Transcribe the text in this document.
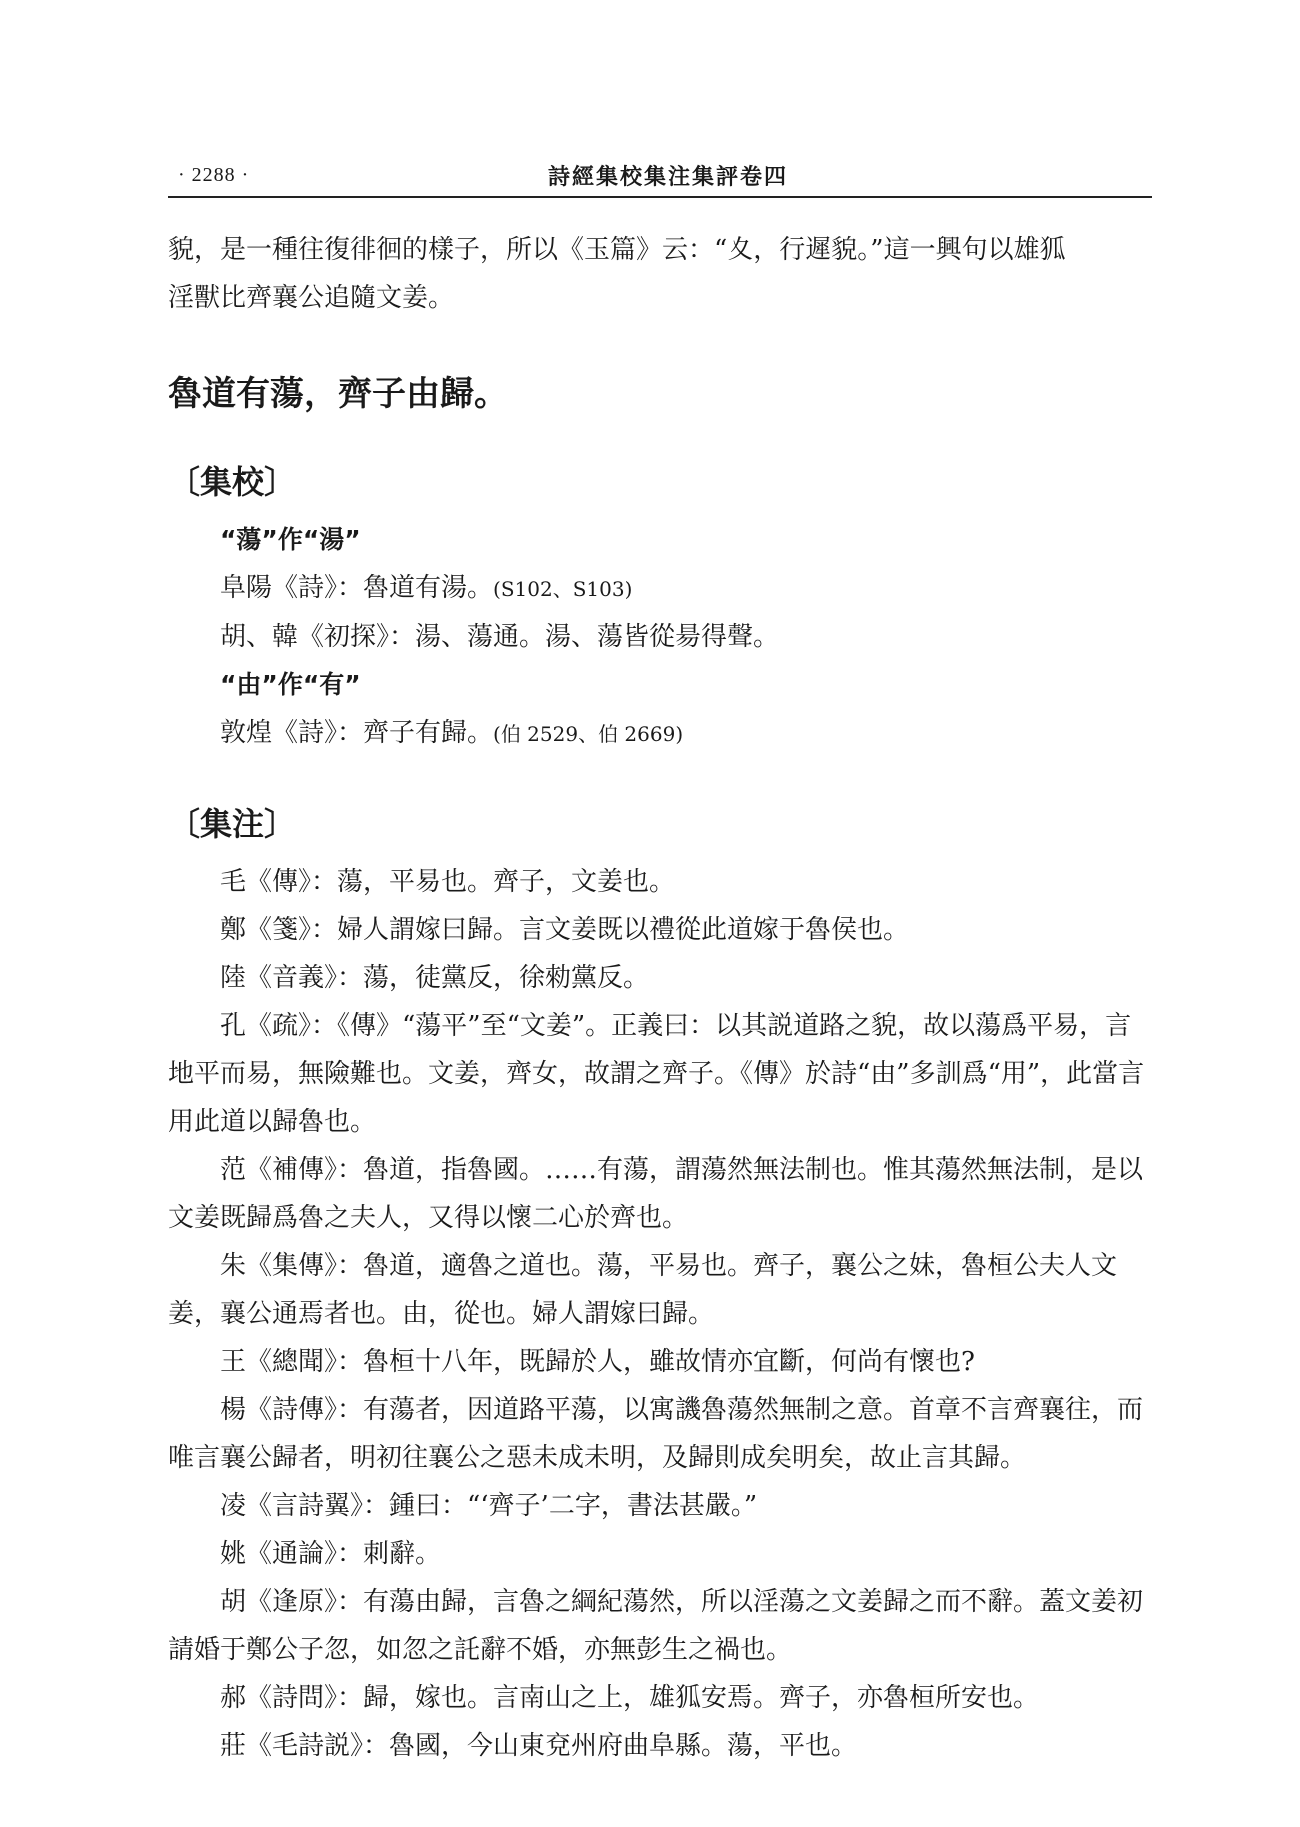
· 2288 ·	詩經集校集注集評卷四

貌，是一種往復徘徊的樣子，所以《玉篇》云：“夊，行遲貌。”這一興句以雄狐

淫獸比齊襄公追隨文姜。

魯道有蕩，齊子由歸。
〔集校〕
“蕩”作“湯”
阜陽《詩》：魯道有湯。(S102、S103)
胡、韓《初探》：湯、蕩通。湯、蕩皆從昜得聲。
“由”作“有”
敦煌《詩》：齊子有歸。(伯 2529、伯 2669)
〔集注〕

毛《傳》：蕩，平易也。齊子，文姜也。

鄭《箋》：婦人謂嫁曰歸。言文姜既以禮從此道嫁于魯侯也。

陸《音義》：蕩，徒黨反，徐勑黨反。

孔《疏》：《傳》“蕩平”至“文姜”。正義曰：以其説道路之貌，故以蕩爲平易，言地平而易，無險難也。文姜，齊女，故謂之齊子。《傳》於詩“由”多訓爲“用”，此當言用此道以歸魯也。

范《補傳》：魯道，指魯國。……有蕩，謂蕩然無法制也。惟其蕩然無法制，是以文姜既歸爲魯之夫人，又得以懷二心於齊也。

朱《集傳》：魯道，適魯之道也。蕩，平易也。齊子，襄公之妹，魯桓公夫人文姜，襄公通焉者也。由，從也。婦人謂嫁曰歸。

王《總聞》：魯桓十八年，既歸於人，雖故情亦宜斷，何尚有懷也?

楊《詩傳》：有蕩者，因道路平蕩，以寓譏魯蕩然無制之意。首章不言齊襄往，而唯言襄公歸者，明初往襄公之惡未成未明，及歸則成矣明矣，故止言其歸。

凌《言詩翼》：鍾曰：“‘齊子’二字，書法甚嚴。”

姚《通論》：刺辭。

胡《逢原》：有蕩由歸，言魯之綱紀蕩然，所以淫蕩之文姜歸之而不辭。蓋文姜初請婚于鄭公子忽，如忽之託辭不婚，亦無彭生之禍也。

郝《詩問》：歸，嫁也。言南山之上，雄狐安焉。齊子，亦魯桓所安也。

莊《毛詩説》：魯國，今山東兗州府曲阜縣。蕩，平也。
